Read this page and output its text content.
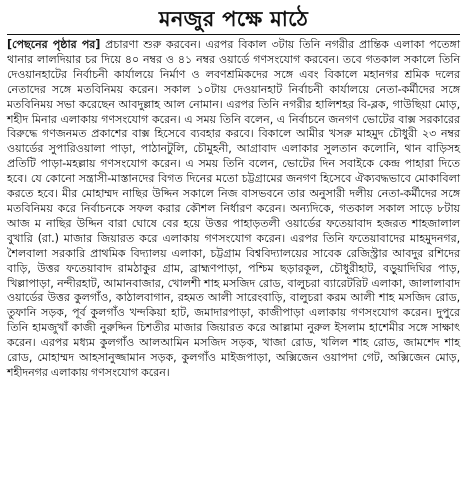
মনজুর পক্ষে মাঠে

[পেছনের পৃষ্ঠার পর] প্রচারণা শুরু করবেন। এরপর বিকাল ৩টায় তিনি নগরীর প্রান্তিক এলাকা পতেঙ্গা থানার লালদিয়ার চর দিয়ে ৪০ নম্বর ও ৪১ নম্বর ওয়ার্ডে গণসংযোগ করবেন। তবে গতকাল সকালে তিনি দেওয়ানহাটের নির্বাচনী কার্যালয়ে নির্মাণ ও লবণশ্রমিকদের সঙ্গে এবং বিকালে মহানগর শ্রমিক দলের নেতাদের সঙ্গে মতবিনিময় করেন। সকাল ১০টায় দেওয়ানহাট নির্বাচনী কার্যালয়ে নেতা-কর্মীদের সঙ্গে মতবিনিময় সভা করেছেন আবদুল্লাহ আল নোমান। এরপর তিনি নগরীর হালিশহর বি-ব্লক, গাউছিয়া মোড়, শহীদ মিনার এলাকায় গণসংযোগ করেন। এ সময় তিনি বলেন, এ নির্বাচনে জনগণ ভোটের বাক্স সরকারের বিরুদ্ধে গণজনমত প্রকাশের বাক্স হিসেবে ব্যবহার করবে। বিকালে আমীর খসরু মাহমুদ চৌধুরী ২৩ নম্বর ওয়ার্ডের সুপারিওয়ালা পাড়া, পাঠানটুলি, চৌমুহনী, আগ্রাবাদ এলাকার সুলতান কলোনি, থান বাড়িসহ প্রতিটি পাড়া-মহল্লায় গণসংযোগ করেন। এ সময় তিনি বলেন, ভোটের দিন সবাইকে কেন্দ্র পাহারা দিতে হবে। যে কোনো সন্ত্রাসী-মাস্তানদের বিগত দিনের মতো চট্টগ্রামের জনগণ হিসেবে ঐক্যবদ্ধভাবে মোকাবিলা করতে হবে। মীর মোহাম্মদ নাছির উদ্দিন সকালে নিজ বাসভবনে তার অনুসারী দলীয় নেতা-কর্মীদের সঙ্গে মতবিনিময় করে নির্বাচনকে সফল করার কৌশল নির্ধারণ করেন। অন্যদিকে, গতকাল সকাল সাড়ে ৮টায় আজ ম নাছির উদ্দিন বারা ঘোষে বের হয়ে উত্তর পাহাড়তলী ওয়ার্ডের ফতেয়াবাদ হজরত শাহজালাল বুখারি (রা.) মাজার জিয়ারত করে এলাকায় গণসংযোগ করেন। এরপর তিনি ফতেয়াবাদের মাহমুদনগর, শৈলবালা সরকারি প্রাথমিক বিদ্যালয় এলাকা, চট্টগ্রাম বিশ্ববিদ্যালয়ের সাবেক রেজিস্ট্রার আবদুর রশিদের বাড়ি, উত্তর ফতেয়াবাদ রামঠাকুর গ্রাম, ব্রাহ্মণপাড়া, পশ্চিম ছড়ারকূল, চৌধুরীহাট, বড়ুয়াদিঘির পাড়, খিল্লাপাড়া, নন্দীরহাট, আমানবাজার, খোলশী শাহ মসজিদ রোড, বালুচরা ব্যারেটরিট এলাকা, জালালাবাদ ওয়ার্ডের উত্তর কুলগাঁও, কাঠালবাগান, রহমত আলী সারেংবাড়ি, বালুচরা করম আলী শাহ মসজিদ রোড, তুফানি সড়ক, পূর্ব কুলগাঁও খন্দকিয়া হাট, জমাদারপাড়া, কাজীপাড়া এলাকায় গণসংযোগ করেন। দুপুরে তিনি হামজুখাঁ কাজী নুরুদ্দিন চিশতীর মাজার জিয়ারত করে আল্লামা নুরুল ইসলাম হাশেমীর সঙ্গে সাক্ষাৎ করেন। এরপর মধ্যম কুলগাঁও আলআমিন মসজিদ সড়ক, খাজা রোড, খলিল শাহ রোড, জামশেদ শাহ রোড, মোহাম্মদ আহসানুজ্জামান সড়ক, কুলগাঁও মাইজপাড়া, অক্সিজেন ওয়াপদা গেট, অক্সিজেন মোড়, শহীদনগর এলাকায় গণসংযোগ করেন।
